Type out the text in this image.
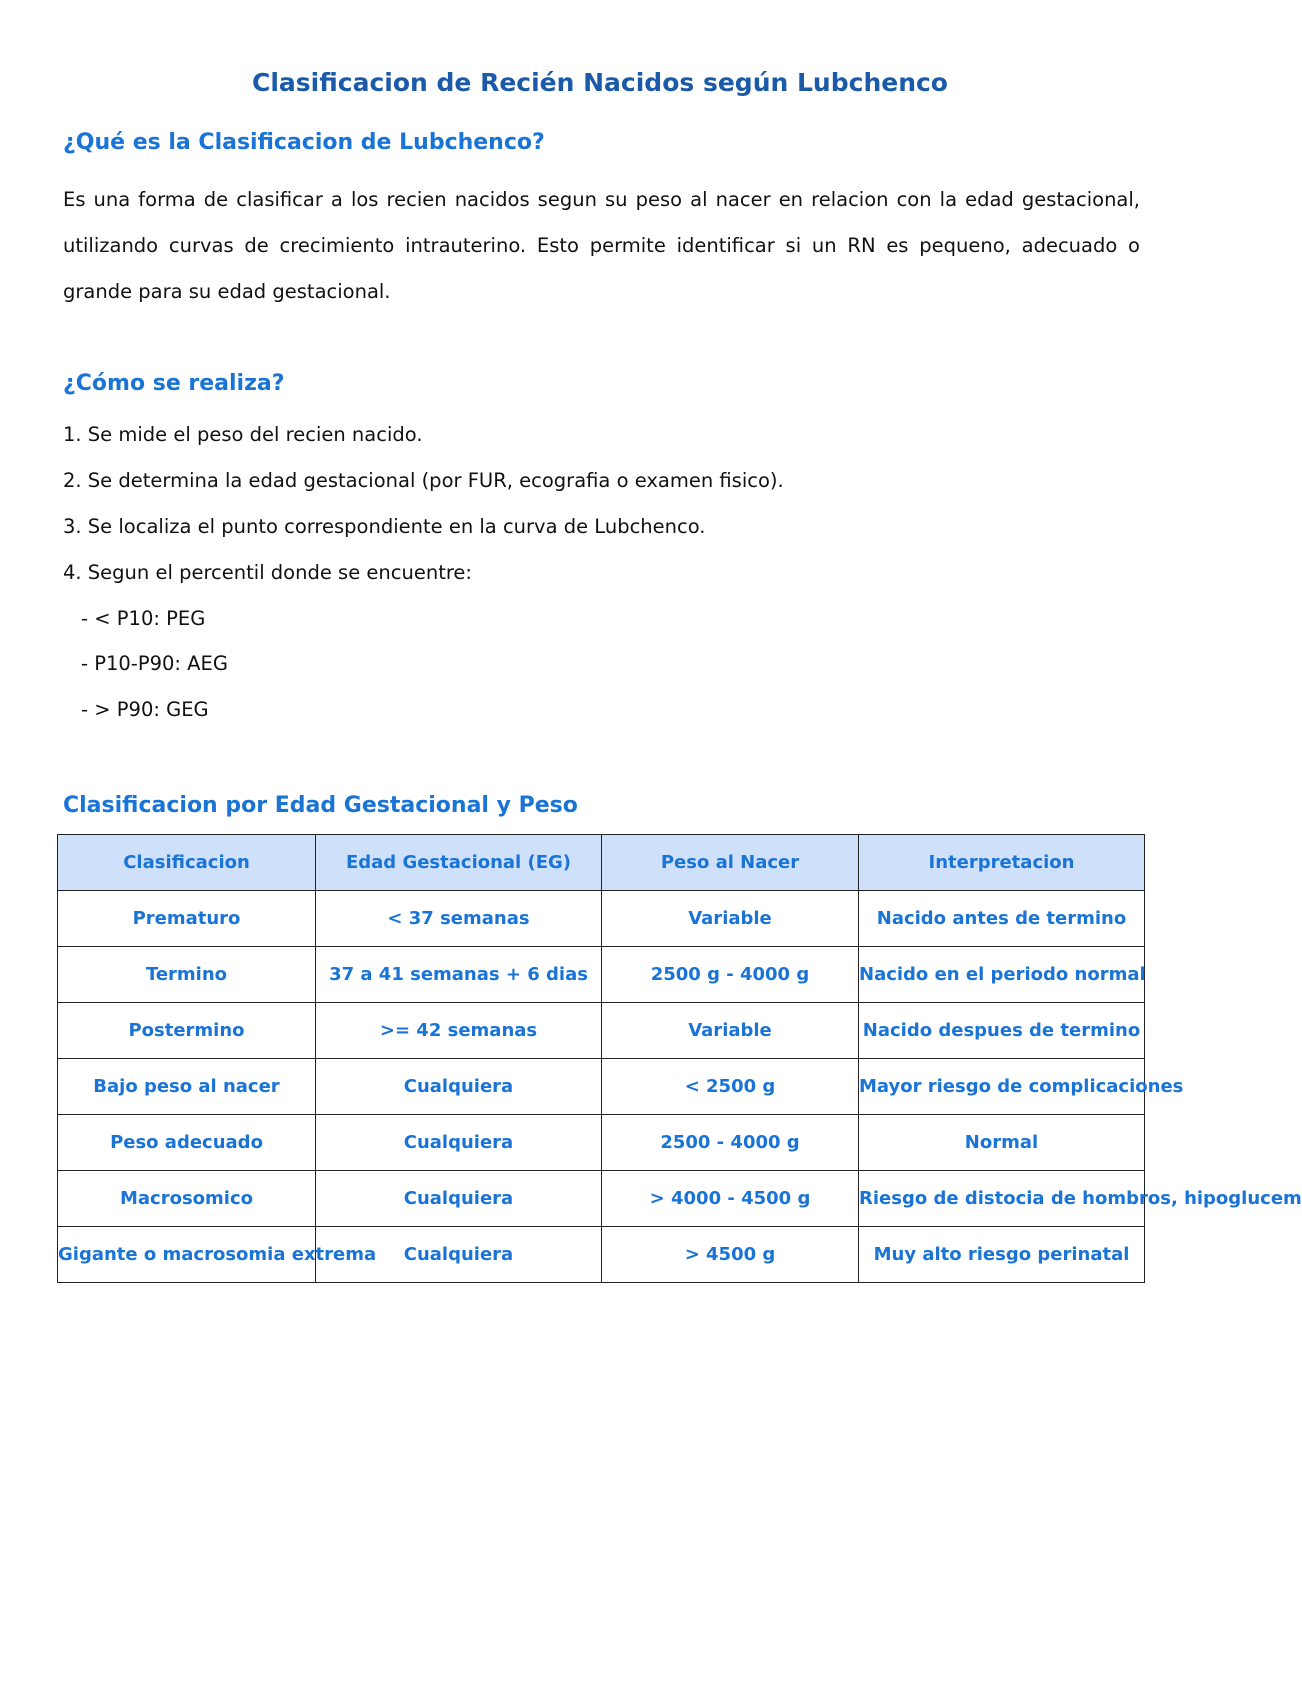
Clasificacion de Recién Nacidos según Lubchenco
¿Qué es la Clasificacion de Lubchenco?

Es una forma de clasificar a los recien nacidos segun su peso al nacer en relacion con la edad gestacional, utilizando curvas de crecimiento intrauterino. Esto permite identificar si un RN es pequeno, adecuado o grande para su edad gestacional.

¿Cómo se realiza?
1. Se mide el peso del recien nacido.
2. Se determina la edad gestacional (por FUR, ecografia o examen fisico).
3. Se localiza el punto correspondiente en la curva de Lubchenco.
4. Segun el percentil donde se encuentre:
- < P10: PEG
- P10-P90: AEG
- > P90: GEG
Clasificacion por Edad Gestacional y Peso
Clasificacion	Edad Gestacional (EG)	Peso al Nacer	Interpretacion
Prematuro	< 37 semanas	Variable	Nacido antes de termino
Termino	37 a 41 semanas + 6 dias	2500 g - 4000 g	Nacido en el periodo normal
Postermino	>= 42 semanas	Variable	Nacido despues de termino
Bajo peso al nacer	Cualquiera	< 2500 g	Mayor riesgo de complicaciones
Peso adecuado	Cualquiera	2500 - 4000 g	Normal
Macrosomico	Cualquiera	> 4000 - 4500 g	Riesgo de distocia de hombros, hipoglucem
Gigante o macrosomia extrema	Cualquiera	> 4500 g	Muy alto riesgo perinatal
